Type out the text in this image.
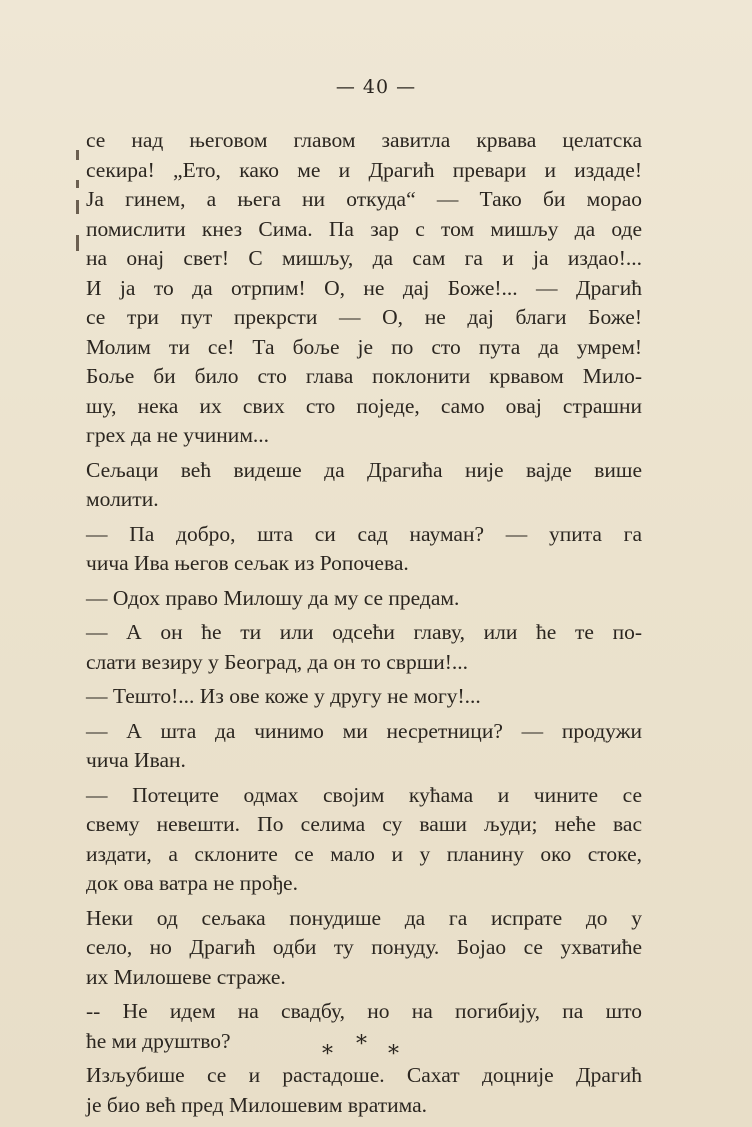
— 40 —
се над његовом главом завитла крвава целатска
секира! „Ето, како ме и Драгић превари и издаде!
Ја гинем, а њега ни откуда“ — Тако би морао
помислити кнез Сима. Па зар с том мишљу да оде
на онај свет! С мишљу, да сам га и ја издао!...
И ја то да отрпим! О, не дај Боже!... — Драгић
се три пут прекрсти — О, не дај благи Боже!
Молим ти се! Та боље је по сто пута да умрем!
Боље би било сто глава поклонити крвавом Мило-
шу, нека их свих сто поједе, само овај страшни
грех да не учиним...
Сељаци већ видеше да Драгића није вајде више
молити.
— Па добро, шта си сад науман? — упита га
чича Ива његов сељак из Ропочева.
— Одох право Милошу да му се предам.
— А он ће ти или одсећи главу, или ће те по-
слати везиру у Београд, да он то сврши!...
— Тешто!... Из ове коже у другу не могу!...
— А шта да чинимо ми несретници? — продужи
чича Иван.
— Потеците одмах својим кућама и чините се
свему невешти. По селима су ваши људи; неће вас
издати, а склоните се мало и у планину око стоке,
док ова ватра не прође.
Неки од сељака понудише да га испрате до у
село, но Драгић одби ту понуду. Бојао се ухватиће
их Милошеве страже.
-- Не идем на свадбу, но на погибију, па што
ће ми друштво?
Изљубише се и растадоше. Сахат доцније Драгић
је био већ пред Милошевим вратима.
* * *
